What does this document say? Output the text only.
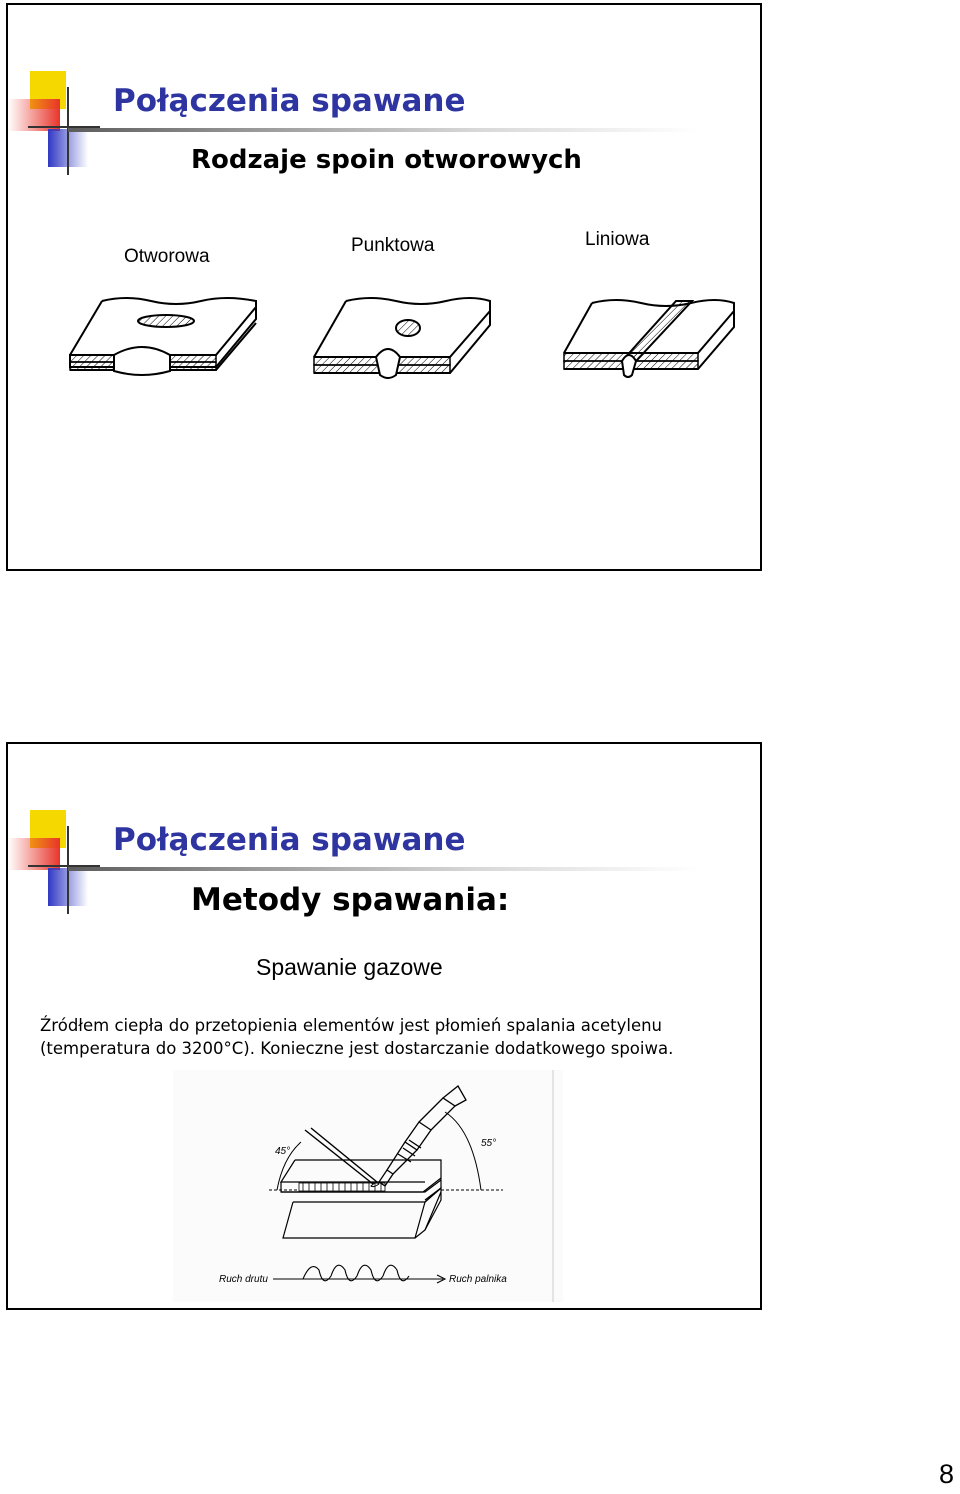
Połączenia spawane
Rodzaje spoin otworowych
Otworowa
Punktowa	Liniowa
Połączenia spawane
Metody spawania:
Spawanie gazowe
Źródłem ciepła do przetopienia elementów jest płomień spalania acetylenu
(temperatura do 3200°C). Konieczne jest dostarczanie dodatkowego spoiwa.
45°
55°
Ruch drutu	Ruch palnika
8
